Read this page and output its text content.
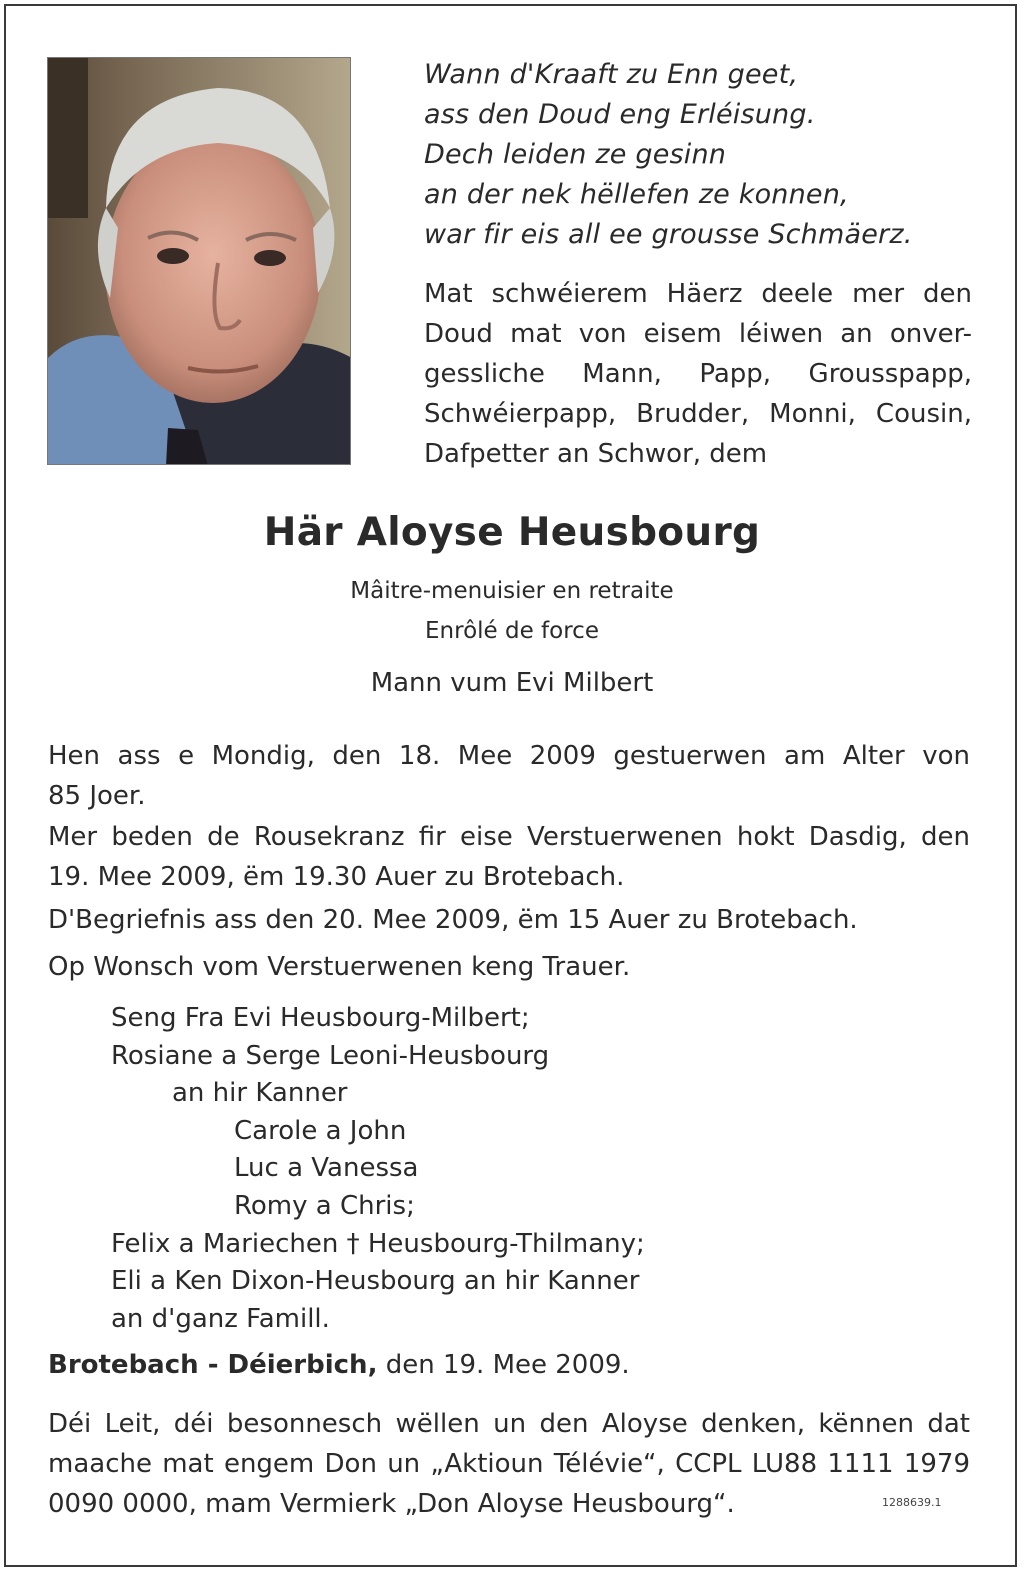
Wann d'Kraaft zu Enn geet,
ass den Doud eng Erléisung.
Dech leiden ze gesinn
an der nek hëllefen ze konnen,
war fir eis all ee grousse Schmäerz.
Mat schwéierem Häerz deele mer den
Doud mat von eisem léiwen an onver-
gessliche Mann, Papp, Grousspapp,
Schwéierpapp, Brudder, Monni, Cousin,
Dafpetter an Schwor, dem
Här Aloyse Heusbourg
Mâitre-menuisier en retraite
Enrôlé de force
Mann vum Evi Milbert
Hen ass e Mondig, den 18. Mee 2009 gestuerwen am Alter von
85 Joer.
Mer beden de Rousekranz fir eise Verstuerwenen hokt Dasdig, den
19. Mee 2009, ëm 19.30 Auer zu Brotebach.
D'Begriefnis ass den 20. Mee 2009, ëm 15 Auer zu Brotebach.
Op Wonsch vom Verstuerwenen keng Trauer.
Seng Fra Evi Heusbourg-Milbert;
Rosiane a Serge Leoni-Heusbourg
an hir Kanner
Carole a John
Luc a Vanessa
Romy a Chris;
Felix a Mariechen † Heusbourg-Thilmany;
Eli a Ken Dixon-Heusbourg an hir Kanner
an d'ganz Famill.
Brotebach - Déierbich, den 19. Mee 2009.
Déi Leit, déi besonnesch wëllen un den Aloyse denken, kënnen dat
maache mat engem Don un „Aktioun Télévie“, CCPL LU88 1111 1979
0090 0000, mam Vermierk „Don Aloyse Heusbourg“.	1288639.1
